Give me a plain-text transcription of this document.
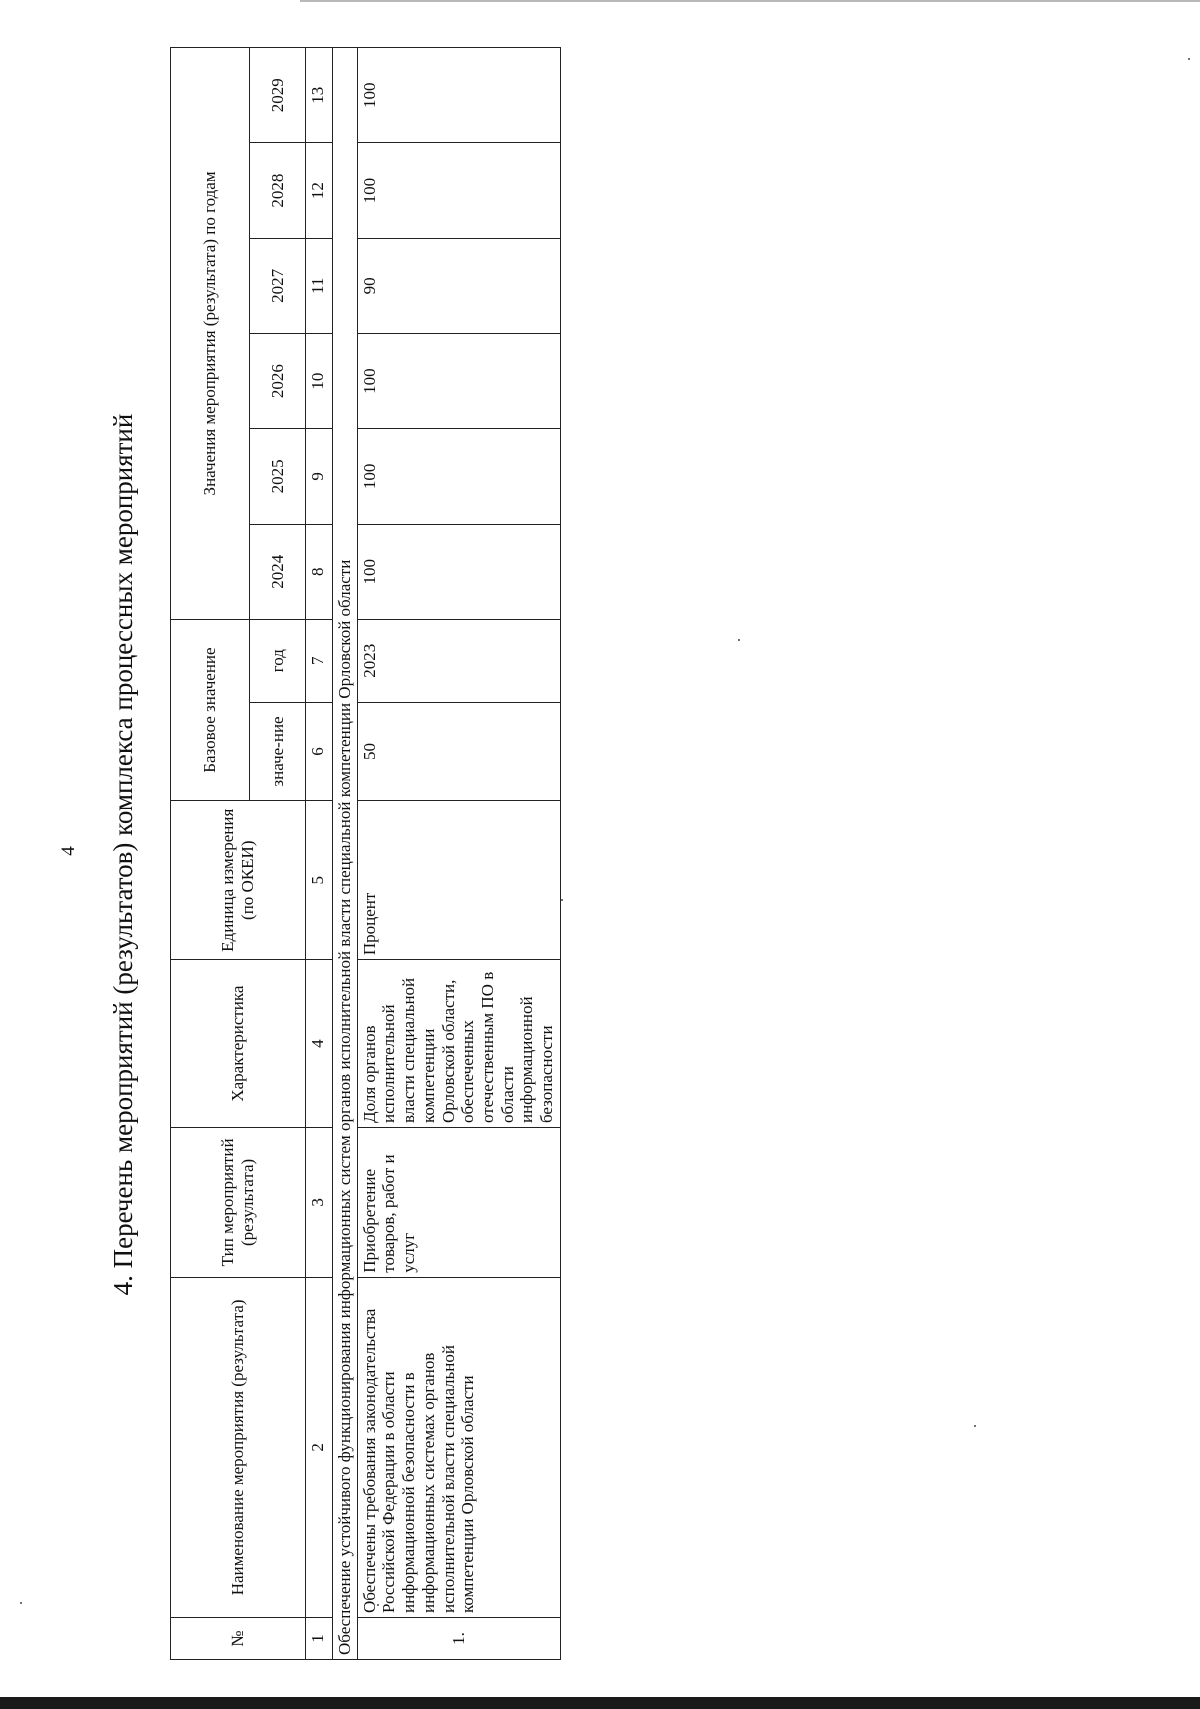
4 4. Перечень мероприятий (результатов) комплекса процессных мероприятий
№	Наименование мероприятия (результата)	Тип мероприятий (результата)	Характеристика	Единица измерения (по ОКЕИ)	Базовое значение		Значения мероприятия (результата) по годам					
					значе-ние	год	2024	2025	2026	2027	2028	2029
1	2	3	4	5	6	7	8	9	10	11	12	13
Обеспечение устойчивого функционирования информационных систем органов исполнительной власти специальной компетенции Орловской области												
1.	Обеспечены требования законодательства Российской Федерации в области информационной безопасности в информационных системах органов исполнительной власти специальной компетенции Орловской области	Приобретение товаров, работ и услуг	Доля органов исполнительной власти специальной компетенции Орловской области, обеспеченных отечественным ПО в области информационной безопасности	Процент	50	2023	100	100	100	90	100	100
